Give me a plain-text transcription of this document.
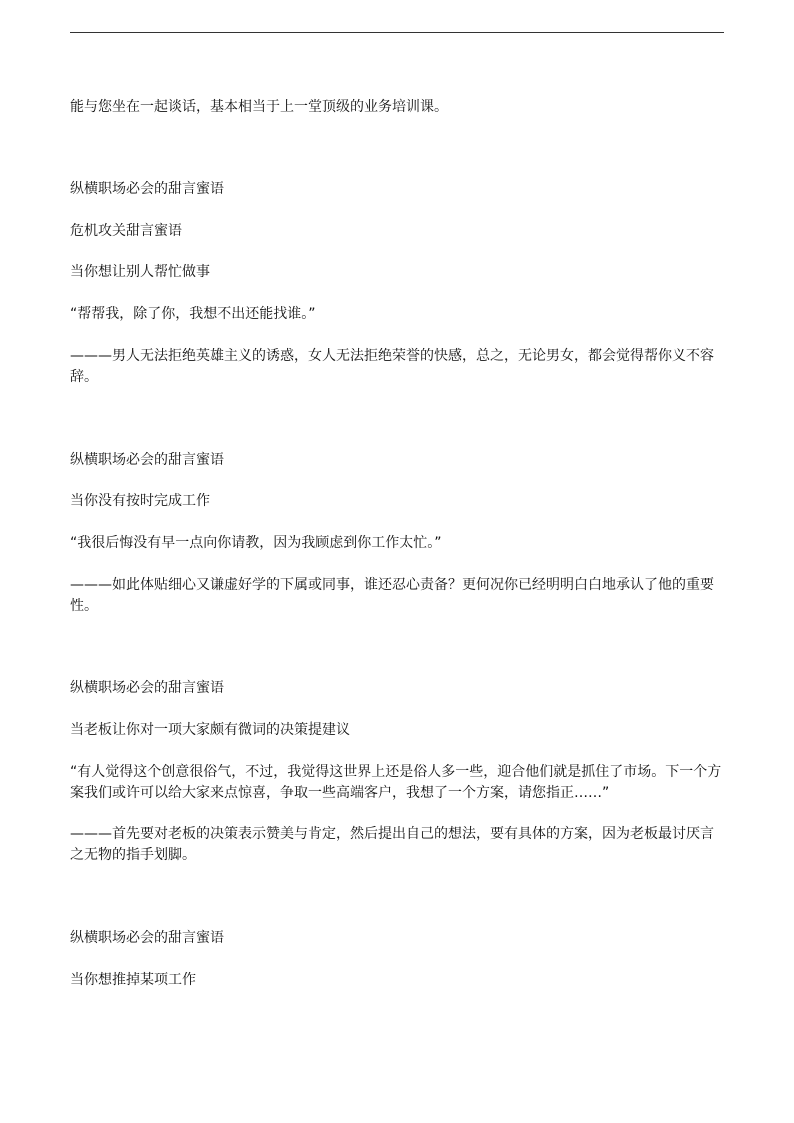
能与您坐在一起谈话，基本相当于上一堂顶级的业务培训课。
纵横职场必会的甜言蜜语
危机攻关甜言蜜语
当你想让别人帮忙做事
“帮帮我，除了你，我想不出还能找谁。”
———男人无法拒绝英雄主义的诱惑，女人无法拒绝荣誉的快感，总之，无论男女，都会觉得帮你义不容辞。
纵横职场必会的甜言蜜语
当你没有按时完成工作
“我很后悔没有早一点向你请教，因为我顾虑到你工作太忙。”
———如此体贴细心又谦虚好学的下属或同事，谁还忍心责备？更何况你已经明明白白地承认了他的重要性。
纵横职场必会的甜言蜜语
当老板让你对一项大家颇有微词的决策提建议
“有人觉得这个创意很俗气，不过，我觉得这世界上还是俗人多一些，迎合他们就是抓住了市场。下一个方案我们或许可以给大家来点惊喜，争取一些高端客户，我想了一个方案，请您指正……”
———首先要对老板的决策表示赞美与肯定，然后提出自己的想法，要有具体的方案，因为老板最讨厌言之无物的指手划脚。
纵横职场必会的甜言蜜语
当你想推掉某项工作
